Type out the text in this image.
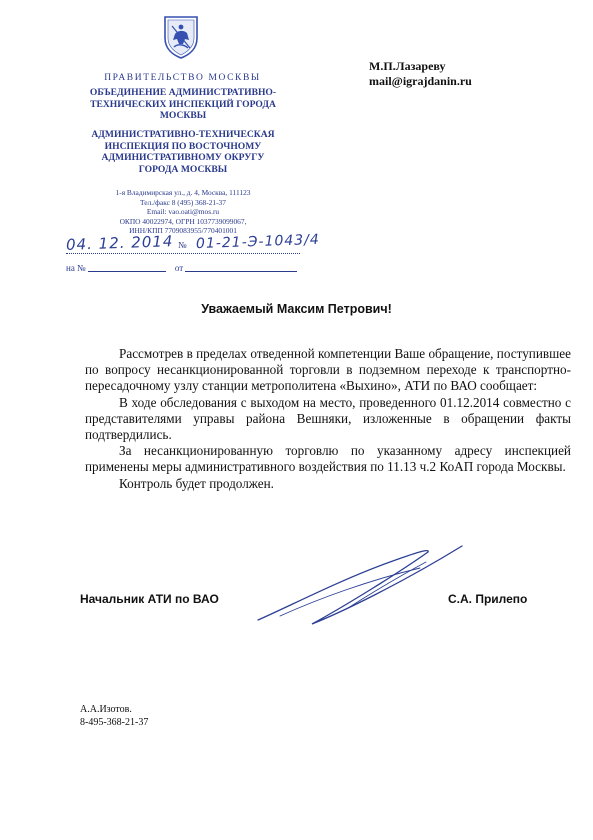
ПРАВИТЕЛЬСТВО МОСКВЫ
ОБЪЕДИНЕНИЕ АДМИНИСТРАТИВНО-
ТЕХНИЧЕСКИХ ИНСПЕКЦИЙ ГОРОДА
МОСКВЫ
АДМИНИСТРАТИВНО-ТЕХНИЧЕСКАЯ
ИНСПЕКЦИЯ ПО ВОСТОЧНОМУ
АДМИНИСТРАТИВНОМУ ОКРУГУ
ГОРОДА МОСКВЫ
1-я Владимирская ул., д. 4, Москва, 111123
Тел./факс 8 (495) 368-21-37
Email: vao.oati@mos.ru
ОКПО 40022974, ОГРН 1037739099067,
ИНН/КПП 7709083955/770401001
М.П.Лазареву
mail@igrajdanin.ru
04. 12. 2014 № 01-21-Э-1043/4
на №	от
Уважаемый Максим Петрович!

Рассмотрев в пределах отведенной компетенции Ваше обращение, поступившее по вопросу несанкционированной торговли в подземном переходе к транспортно-пересадочному узлу станции метрополитена «Выхино», АТИ по ВАО сообщает:

В ходе обследования с выходом на место, проведенного 01.12.2014 совместно с представителями управы района Вешняки, изложенные в обращении факты подтвердились.

За несанкционированную торговлю по указанному адресу инспекцией применены меры административного воздействия по 11.13 ч.2 КоАП города Москвы.

Контроль будет продолжен.

Начальник АТИ по ВАО	С.А. Прилепо
А.А.Изотов.
8-495-368-21-37
